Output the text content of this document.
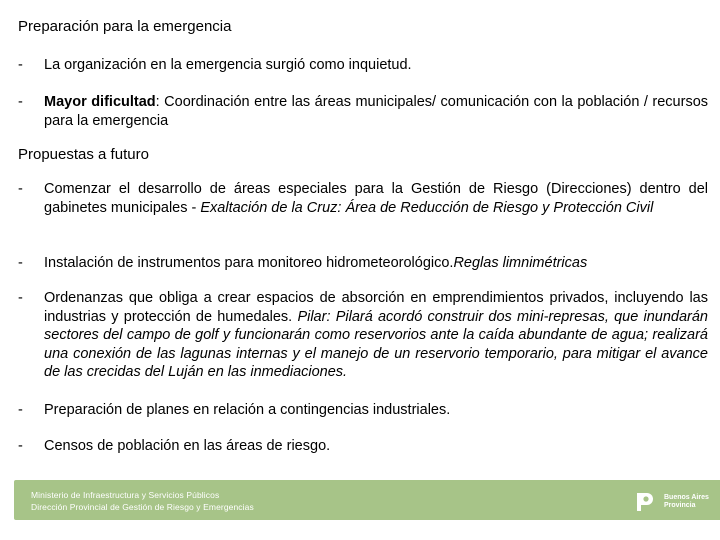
Preparación para la emergencia
-	La organización en la emergencia surgió como inquietud.
-	Mayor dificultad: Coordinación entre las áreas municipales/ comunicación con la población / recursos para la emergencia
Propuestas a futuro
-	Comenzar el desarrollo de áreas especiales para la Gestión de Riesgo (Direcciones) dentro del gabinetes municipales - Exaltación de la Cruz: Área de Reducción de Riesgo y Protección Civil
-	Instalación de instrumentos para monitoreo hidrometeorológico.Reglas limnimétricas
-	Ordenanzas que obliga a crear espacios de absorción en emprendimientos privados, incluyendo las industrias y protección de humedales. Pilar: Pilará acordó construir dos mini-represas, que inundarán sectores del campo de golf y funcionarán como reservorios ante la caída abundante de agua; realizará una conexión de las lagunas internas y el manejo de un reservorio temporario, para mitigar el avance de las crecidas del Luján en las inmediaciones.
-	Preparación de planes en relación a contingencias industriales.
-	Censos de población en las áreas de riesgo.
Ministerio de Infraestructura y Servicios Públicos
Dirección Provincial de Gestión de Riesgo y Emergencias
Buenos Aires
Provincia
